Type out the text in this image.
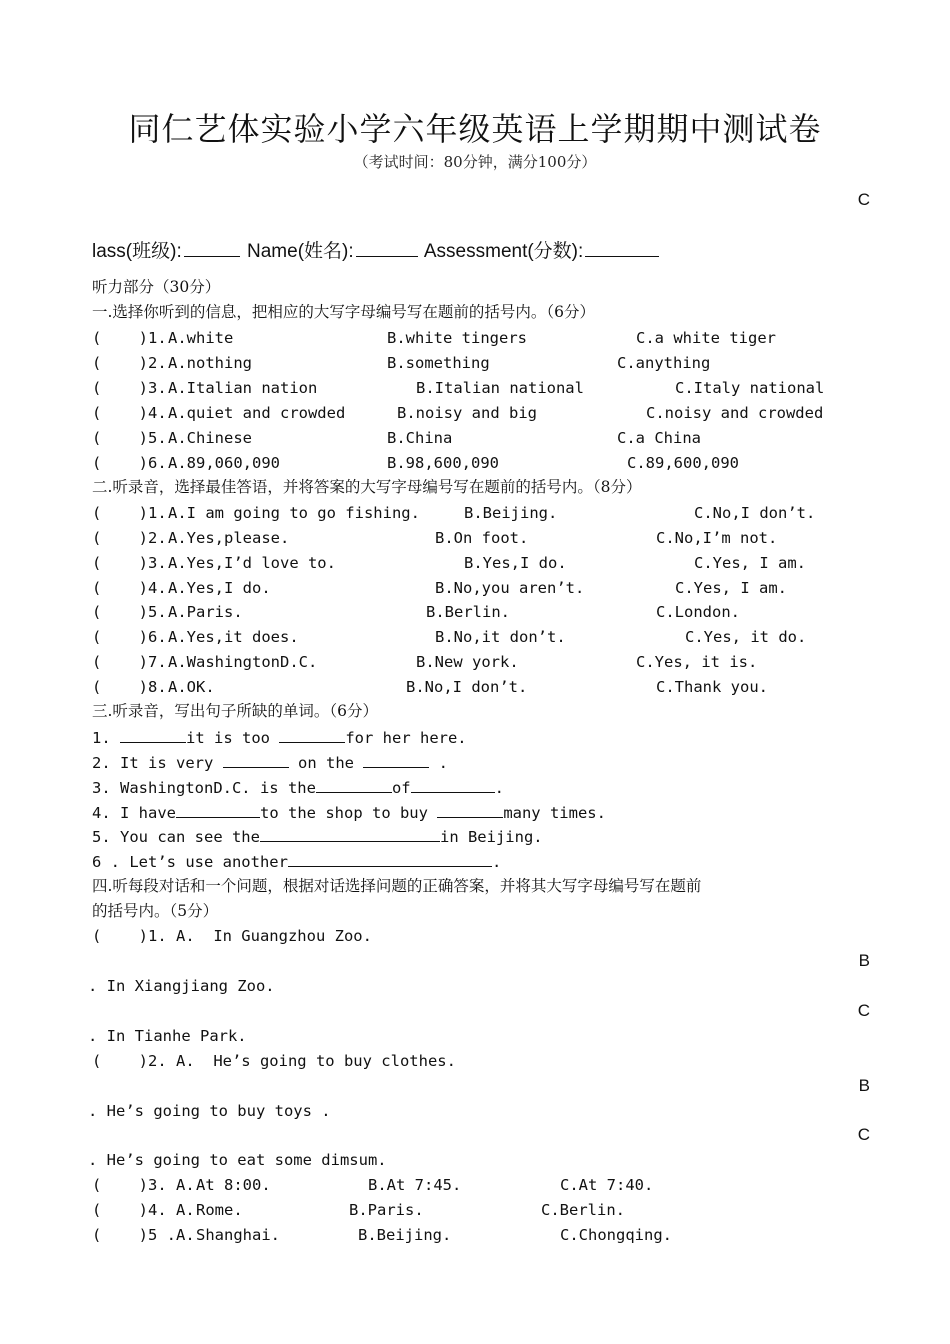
同仁艺体实验小学六年级英语上学期期中测试卷
（考试时间：80分钟，满分100分）
C
lass(班级):	Name(姓名):	Assessment(分数):
听力部分（30分）
一.选择你听到的信息，把相应的大写字母编号写在题前的括号内。（6分）
(    )1. A.white	B.white tingers	C.a white tiger
(    )2. A.nothing	B.something	C.anything
(    )3. A.Italian nation	B.Italian national	C.Italy national
(    )4. A.quiet and crowded	B.noisy and big	C.noisy and crowded
(    )5. A.Chinese	B.China	C.a China
(    )6. A.89,060,090	B.98,600,090	C.89,600,090
二.听录音，选择最佳答语，并将答案的大写字母编号写在题前的括号内。（8分）
(    )1. A.I am going to go fishing.	B.Beijing.	C.No,I don’t.
(    )2. A.Yes,please.	B.On foot.	C.No,I’m not.
(    )3. A.Yes,I’d love to.	B.Yes,I do.	C.Yes, I am.
(    )4. A.Yes,I do.	B.No,you aren’t.	C.Yes, I am.
(    )5. A.Paris.	B.Berlin.	C.London.
(    )6. A.Yes,it does.	B.No,it don’t.	C.Yes, it do.
(    )7. A.WashingtonD.C.	B.New york.	C.Yes, it is.
(    )8. A.OK.	B.No,I don’t.	C.Thank you.
三.听录音，写出句子所缺的单词。（6分）
1.	it is too	for her here.
2. It is very	on the	.
3. WashingtonD.C. is the	of	.
4. I have	to the shop to buy	many times.
5. You can see the	in Beijing.
6 . Let’s use another	.
四.听每段对话和一个问题，根据对话选择问题的正确答案，并将其大写字母编号写在题前
的括号内。（5分）
(    )1. A.  In Guangzhou Zoo.
B
. In Xiangjiang Zoo.
C
. In Tianhe Park.
(    )2. A.  He’s going to buy clothes.
B
. He’s going to buy toys .
C
. He’s going to eat some dimsum.
(    )3. A. At 8:00.	B.At 7:45.	C.At 7:40.
(    )4. A. Rome.	B.Paris.	C.Berlin.
(    )5 .A. Shanghai.	B.Beijing.	C.Chongqing.
